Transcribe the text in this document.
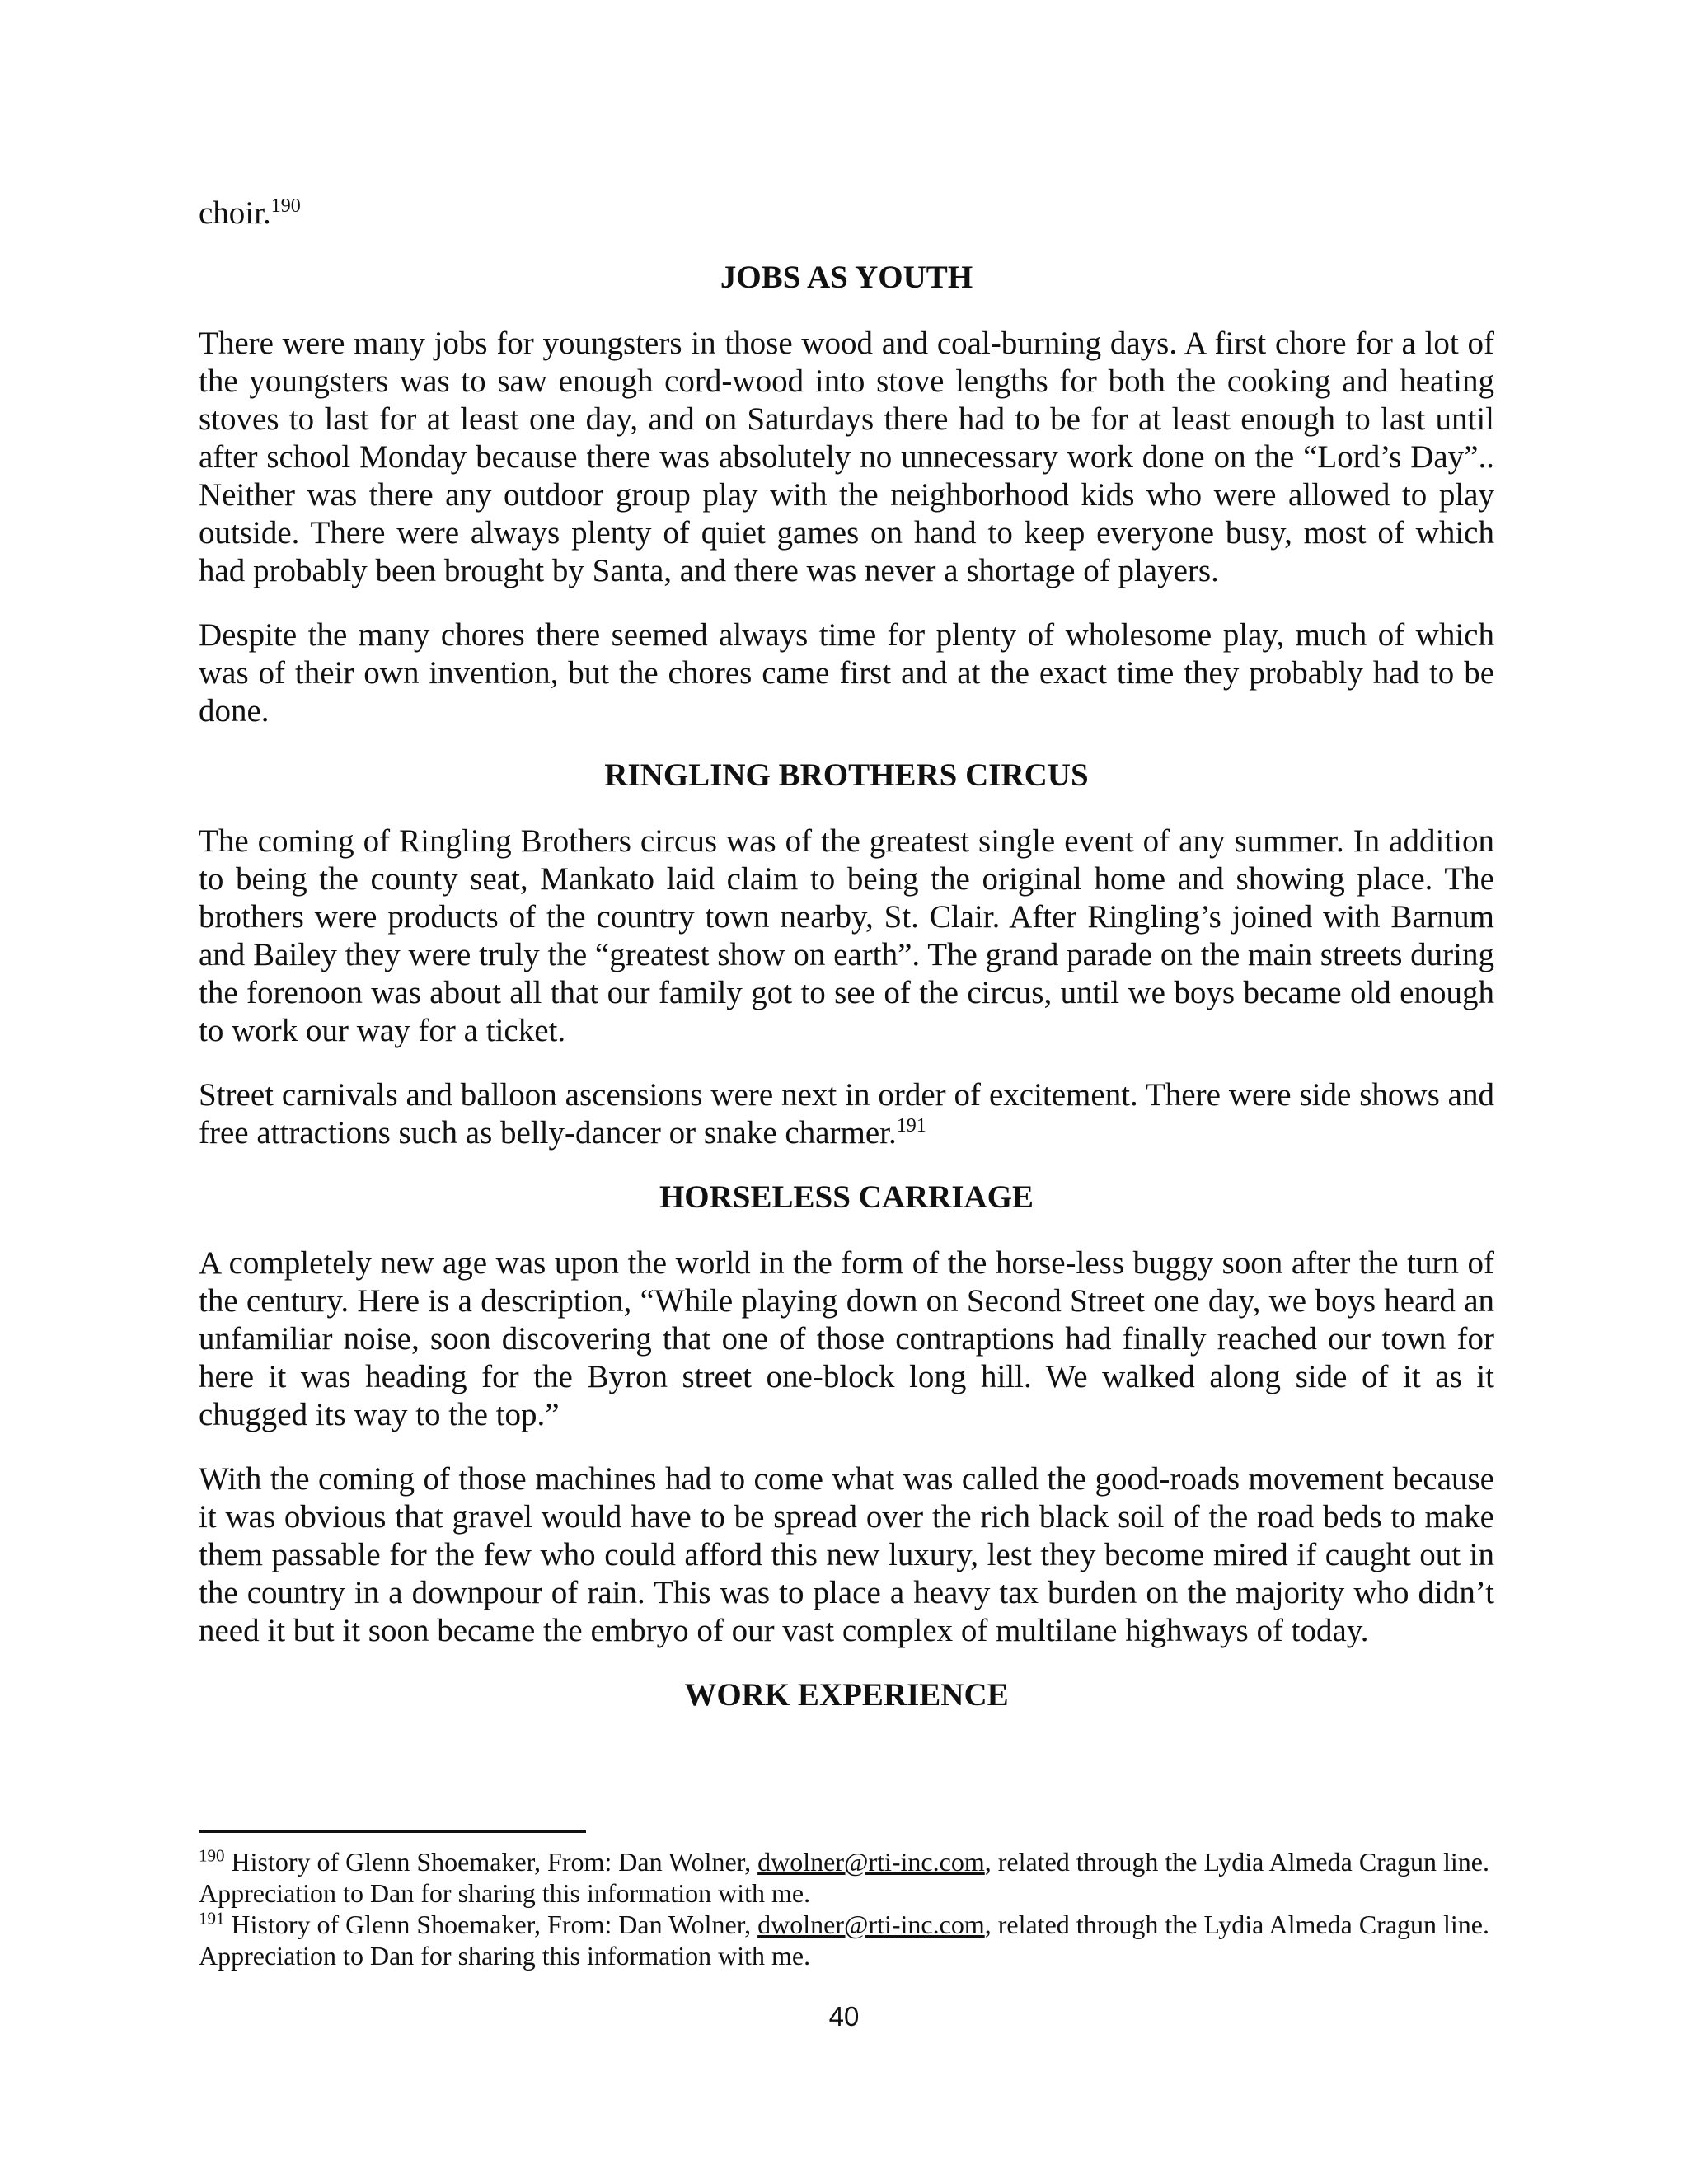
choir.$^{190}$

JOBS AS YOUTH

There were many jobs for youngsters in those wood and coal-burning days. A first chore for a lot of the youngsters was to saw enough cord-wood into stove lengths for both the cooking and heating stoves to last for at least one day, and on Saturdays there had to be for at least enough to last until after school Monday because there was absolutely no unnecessary work done on the “Lord’s Day”.. Neither was there any outdoor group play with the neighborhood kids who were allowed to play outside. There were always plenty of quiet games on hand to keep everyone busy, most of which had probably been brought by Santa, and there was never a shortage of players.

Despite the many chores there seemed always time for plenty of wholesome play, much of which was of their own invention, but the chores came first and at the exact time they probably had to be done.

RINGLING BROTHERS CIRCUS

The coming of Ringling Brothers circus was of the greatest single event of any summer. In addition to being the county seat, Mankato laid claim to being the original home and showing place. The brothers were products of the country town nearby, St. Clair. After Ringling’s joined with Barnum and Bailey they were truly the “greatest show on earth”. The grand parade on the main streets during the forenoon was about all that our family got to see of the circus, until we boys became old enough to work our way for a ticket.

Street carnivals and balloon ascensions were next in order of excitement. There were side shows and free attractions such as belly-dancer or snake charmer.$^{191}$

HORSELESS CARRIAGE

A completely new age was upon the world in the form of the horse-less buggy soon after the turn of the century. Here is a description, “While playing down on Second Street one day, we boys heard an unfamiliar noise, soon discovering that one of those contraptions had finally reached our town for here it was heading for the Byron street one-block long hill. We walked along side of it as it chugged its way to the top.”

With the coming of those machines had to come what was called the good-roads movement because it was obvious that gravel would have to be spread over the rich black soil of the road beds to make them passable for the few who could afford this new luxury, lest they become mired if caught out in the country in a downpour of rain. This was to place a heavy tax burden on the majority who didn’t need it but it soon became the embryo of our vast complex of multilane highways of today.

WORK EXPERIENCE

$^{190}$ History of Glenn Shoemaker, From: Dan Wolner, dwolner@rti-inc.com, related through the Lydia Almeda Cragun line. Appreciation to Dan for sharing this information with me.

$^{191}$ History of Glenn Shoemaker, From: Dan Wolner, dwolner@rti-inc.com, related through the Lydia Almeda Cragun line. Appreciation to Dan for sharing this information with me.

40
